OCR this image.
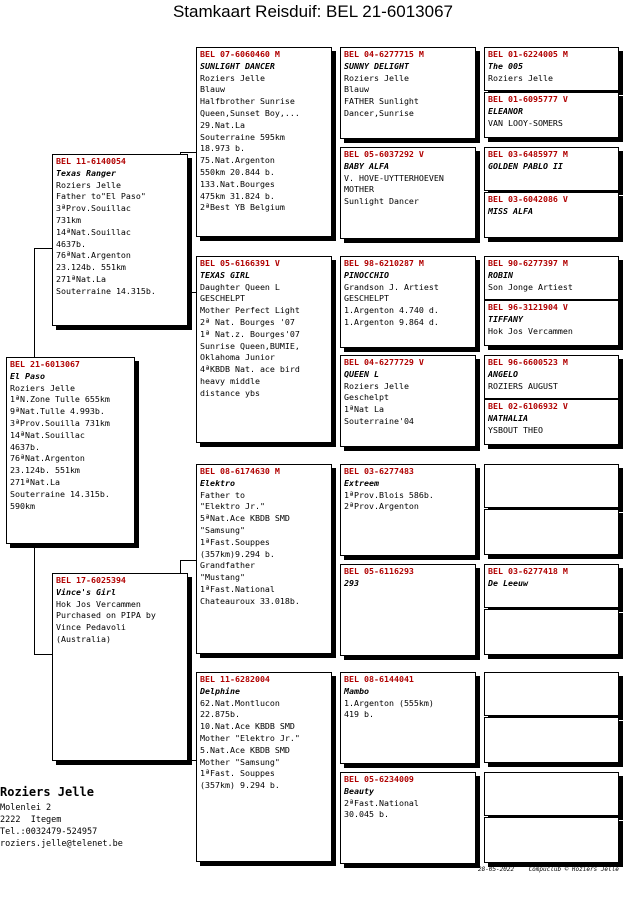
Stamkaart Reisduif: BEL 21-6013067
BEL 21-6013067
El Paso
Roziers Jelle
1ªN.Zone Tulle 655km
9ªNat.Tulle 4.993b.
3ªProv.Souilla 731km
14ªNat.Souillac
4637b.
76ªNat.Argenton
23.124b. 551km
271ªNat.La
Souterraine 14.315b.
590km
BEL 11-6140054
Texas Ranger
Roziers Jelle
Father to"El Paso"
3ªProv.Souillac
731km
14ªNat.Souillac
4637b.
76ªNat.Argenton
23.124b. 551km
271ªNat.La
Souterraine 14.315b.
BEL 17-6025394
Vince's Girl
Hok Jos Vercammen
Purchased on PIPA by
Vince Pedavoli
(Australia)
BEL 07-6060460 M
SUNLIGHT DANCER
Roziers Jelle
Blauw
Halfbrother Sunrise
Queen,Sunset Boy,...
29.Nat.La
Souterraine 595km
18.973 b.
75.Nat.Argenton
550km 20.844 b.
133.Nat.Bourges
475km 31.824 b.
2ªBest YB Belgium
BEL 05-6166391 V
TEXAS GIRL
Daughter Queen L
GESCHELPT
Mother Perfect Light
2ª Nat. Bourges '07
1ª Nat.z. Bourges'07
Sunrise Queen,BUMIE,
Oklahoma Junior
4ªKBDB Nat. ace bird
heavy middle
distance ybs
BEL 08-6174630 M
Elektro
Father to
"Elektro Jr."
5ªNat.Ace KBDB SMD
"Samsung"
1ªFast.Souppes
(357km)9.294 b.
Grandfather
"Mustang"
1ªFast.National
Chateauroux 33.018b.
BEL 11-6282004
Delphine
62.Nat.Montlucon
22.875b.
10.Nat.Ace KBDB SMD
Mother "Elektro Jr."
5.Nat.Ace KBDB SMD
Mother "Samsung"
1ªFast. Souppes
(357km) 9.294 b.
BEL 04-6277715 M
SUNNY DELIGHT
Roziers Jelle
Blauw
FATHER Sunlight
Dancer,Sunrise
BEL 05-6037292 V
BABY ALFA
V. HOVE-UYTTERHOEVEN
MOTHER
Sunlight Dancer
BEL 98-6210287 M
PINOCCHIO
Grandson J. Artiest
GESCHELPT
1.Argenton 4.740 d.
1.Argenton 9.864 d.
BEL 04-6277729 V
QUEEN L
Roziers Jelle
Geschelpt
1ªNat La
Souterraine'04
BEL 03-6277483
Extreem
1ªProv.Blois 586b.
2ªProv.Argenton
BEL 05-6116293
293
BEL 08-6144041
Mambo
1.Argenton (555km)
419 b.
BEL 05-6234009
Beauty
2ªFast.National
30.045 b.
BEL 01-6224005 M
The 005
Roziers Jelle
BEL 01-6095777 V
ELEANOR
VAN LOOY-SOMERS
BEL 03-6485977 M
GOLDEN PABLO II
BEL 03-6042086 V
MISS ALFA
BEL 90-6277397 M
ROBIN
Son Jonge Artiest
BEL 96-3121904 V
TIFFANY
Hok Jos Vercammen
BEL 96-6600523 M
ANGELO
ROZIERS AUGUST
BEL 02-6106932 V
NATHALIA
YSBOUT THEO
BEL 03-6277418 M
De Leeuw
Roziers Jelle
Molenlei 2
2222  Itegem
Tel.:0032479-524957
roziers.jelle@telenet.be
28-05-2022    Compuclub © Roziers Jelle
